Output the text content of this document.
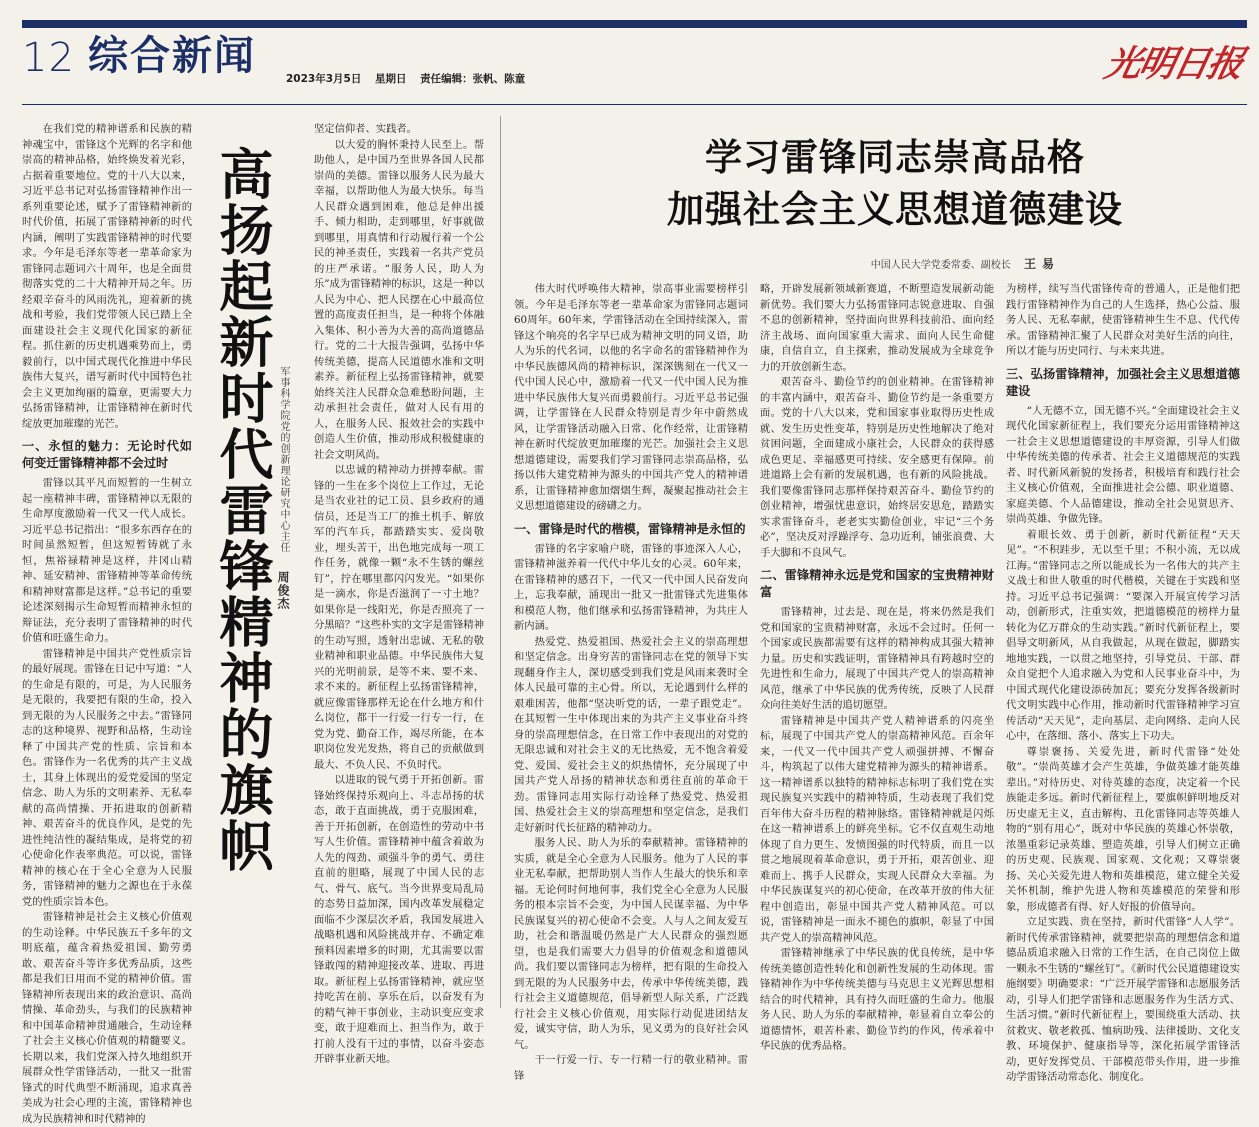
12 综合新闻	2023年3月5日 星期日 责任编辑：张帆、陈童	光明日报

在我们党的精神谱系和民族的精神魂宝中，雷锋这个光辉的名字和他崇高的精神品格，始终焕发着光彩，占据着重要地位。党的十八大以来，习近平总书记对弘扬雷锋精神作出一系列重要论述，赋予了雷锋精神新的时代价值，拓展了雷锋精神新的时代内涵，阐明了实践雷锋精神的时代要求。今年是毛泽东等老一辈革命家为雷锋同志题词六十周年，也是全面贯彻落实党的二十大精神开局之年。历经艰辛奋斗的风雨洗礼，迎着新的挑战和考验，我们党带领人民已踏上全面建设社会主义现代化国家的新征程。抓住新的历史机遇乘势而上，勇毅前行，以中国式现代化推进中华民族伟大复兴，谱写新时代中国特色社会主义更加绚丽的篇章，更需要大力弘扬雷锋精神，让雷锋精神在新时代绽放更加璀璨的光芒。

一、永恒的魅力：无论时代如何变迁雷锋精神都不会过时

雷锋以其平凡而短暂的一生树立起一座精神丰碑，雷锋精神以无限的生命厚度激励着一代又一代人成长。习近平总书记指出：“很多东西存在的时间虽然短暂，但这短暂铸就了永恒，焦裕禄精神是这样，井冈山精神、延安精神、雷锋精神等革命传统和精神财富都是这样。”总书记的重要论述深刻揭示生命短暂而精神永恒的辩证法，充分表明了雷锋精神的时代价值和旺盛生命力。

雷锋精神是中国共产党性质宗旨的最好展现。雷锋在日记中写道：“人的生命是有限的，可是，为人民服务是无限的，我要把有限的生命，投入到无限的为人民服务之中去。”雷锋同志的这种境界、视野和品格，生动诠释了中国共产党的性质、宗旨和本色。雷锋作为一名优秀的共产主义战士，其身上体现出的爱党爱国的坚定信念、助人为乐的文明素养、无私奉献的高尚情操、开拓进取的创新精神、艰苦奋斗的优良作风，是党的先进性纯洁性的凝结集成，是将党的初心使命化作表率典范。可以说，雷锋精神的核心在于全心全意为人民服务，雷锋精神的魅力之源也在于永葆党的性质宗旨本色。

雷锋精神是社会主义核心价值观的生动诠释。中华民族五千多年的文明底蕴，蕴含着热爱祖国、勤劳勇敢、艰苦奋斗等许多优秀品质，这些都是我们日用而不觉的精神价值。雷锋精神所表现出来的政治意识、高尚情操、革命劲头，与我们的民族精神和中国革命精神贯通融合，生动诠释了社会主义核心价值观的精髓要义。长期以来，我们党深入持久地组织开展群众性学雷锋活动，一批又一批雷锋式的时代典型不断涌现，追求真善美成为社会心理的主流，雷锋精神也成为民族精神和时代精神的

高扬起新时代雷锋精神的旗帜 军事科学院党的创新理论研究中心主任 周俊杰

坚定信仰者、实践者。

以大爱的胸怀秉持人民至上。帮助他人，是中国乃至世界各国人民都崇尚的美德。雷锋以服务人民为最大幸福，以帮助他人为最大快乐。每当人民群众遇到困难，他总是伸出援手、倾力相助，走到哪里，好事就做到哪里，用真情和行动履行着一个公民的神圣责任，实践着一名共产党员的庄严承诺。“服务人民，助人为乐”成为雷锋精神的标识，这是一种以人民为中心、把人民摆在心中最高位置的高度责任担当，是一种将个体融入集体、积小善为大善的高尚道德品行。党的二十大报告强调，弘扬中华传统美德，提高人民道德水准和文明素养。新征程上弘扬雷锋精神，就要始终关注人民群众急难愁盼问题，主动承担社会责任，做对人民有用的人，在服务人民、报效社会的实践中创造人生价值，推动形成积极健康的社会文明风尚。

以忠诚的精神动力拼搏奉献。雷锋的一生在多个岗位上工作过，无论是当农业社的记工员、县乡政府的通信员，还是当工厂的推土机手、解放军的汽车兵，都踏踏实实、爱岗敬业，埋头苦干，出色地完成每一项工作任务，就像一颗“永不生锈的螺丝钉”，拧在哪里都闪闪发光。“如果你是一滴水，你是否滋润了一寸土地？如果你是一线阳光，你是否照亮了一分黑暗？”这些朴实的文字是雷锋精神的生动写照，透射出忠诚、无私的敬业精神和职业品德。中华民族伟大复兴的光明前景，是等不来、要不来、求不来的。新征程上弘扬雷锋精神，就应像雷锋那样无论在什么地方和什么岗位，都干一行爱一行专一行，在党为党、勤奋工作，竭尽所能，在本职岗位发光发热，将自己的贡献做到最大、不负人民、不负时代。

以进取的锐气勇于开拓创新。雷锋始终保持乐观向上、斗志昂扬的状态，敢于直面挑战，勇于克服困难，善于开拓创新，在创造性的劳动中书写人生价值。雷锋精神中蕴含着敢为人先的闯劲、顽强斗争的勇气、勇往直前的胆略，展现了中国人民的志气、骨气、底气。当今世界变局乱局的态势日益加深，国内改革发展稳定面临不少深层次矛盾，我国发展进入战略机遇和风险挑战并存、不确定难预料因素增多的时期，尤其需要以雷锋敢闯的精神迎接改革、进取、再进取。新征程上弘扬雷锋精神，就应坚持吃苦在前、享乐在后，以奋发有为的精气神干事创业，主动识变应变求变，敢于迎难而上、担当作为，敢于打前人没有干过的事情，以奋斗姿态开辟事业新天地。

学习雷锋同志崇高品格
加强社会主义思想道德建设
中国人民大学党委常委、副校长 王易

伟大时代呼唤伟大精神，崇高事业需要榜样引领。今年是毛泽东等老一辈革命家为雷锋同志题词60周年。60年来，学雷锋活动在全国持续深入，雷锋这个响亮的名字早已成为精神文明的同义语，助人为乐的代名词，以他的名字命名的雷锋精神作为中华民族德风尚的精神标识，深深镌刻在一代又一代中国人民心中，激励着一代又一代中国人民为推进中华民族伟大复兴而勇毅前行。习近平总书记强调，让学雷锋在人民群众特别是青少年中蔚然成风，让学雷锋活动融入日常、化作经常，让雷锋精神在新时代绽放更加璀璨的光芒。加强社会主义思想道德建设，需要我们学习雷锋同志崇高品格，弘扬以伟大建党精神为源头的中国共产党人的精神谱系，让雷锋精神愈加熠熠生辉，凝聚起推动社会主义思想道德建设的磅礴之力。

一、雷锋是时代的楷模，雷锋精神是永恒的

雷锋的名字家喻户晓，雷锋的事迹深入人心，雷锋精神滋养着一代代中华儿女的心灵。60年来，在雷锋精神的感召下，一代又一代中国人民奋发向上，忘我奉献，涌现出一批又一批雷锋式先进集体和模范人物，他们继承和弘扬雷锋精神，为共庄人新内涵。

热爱党、热爱祖国、热爱社会主义的崇高理想和坚定信念。出身穷苦的雷锋同志在党的领导下实现翻身作主人，深切感受到我们党是风雨来袭时全体人民最可靠的主心骨。所以，无论遇到什么样的艰难困苦，他都“坚决听党的话，一辈子跟党走”。在其短暂一生中体现出来的为共产主义事业奋斗终身的崇高理想信念，在日常工作中表现出的对党的无限忠诚和对社会主义的无比热爱，无不饱含着爱党、爱国、爱社会主义的炽热情怀，充分展现了中国共产党人昂扬的精神状态和勇往直前的革命干劲。雷锋同志用实际行动诠释了热爱党、热爱祖国、热爱社会主义的崇高理想和坚定信念，是我们走好新时代长征路的精神动力。

服务人民、助人为乐的奉献精神。雷锋精神的实质，就是全心全意为人民服务。他为了人民的事业无私奉献，把帮助别人当作人生最大的快乐和幸福。无论何时何地何事，我们党全心全意为人民服务的根本宗旨不会变，为中国人民谋幸福、为中华民族谋复兴的初心使命不会变。人与人之间友爱互助，社会和谐温暖仍然是广大人民群众的强烈愿望，也是我们需要大力倡导的价值观念和道德风尚。我们要以雷锋同志为榜样，把有限的生命投入到无限的为人民服务中去，传承中华传统美德，践行社会主义道德规范，倡导新型人际关系，广泛践行社会主义核心价值观，用实际行动促进团结友爱，诚实守信，助人为乐，见义勇为的良好社会风气。

干一行爱一行、专一行精一行的敬业精神。雷锋

略，开辟发展新领域新赛道，不断塑造发展新动能新优势。我们要大力弘扬雷锋同志锐意进取、自强不息的创新精神，坚持面向世界科技前沿、面向经济主战场、面向国家重大需求、面向人民生命健康，自信自立，自主探索，推动发展成为全球竞争力的开放创新生态。

艰苦奋斗、勤俭节约的创业精神。在雷锋精神的丰富内涵中，艰苦奋斗、勤俭节约是一条重要方面。党的十八大以来，党和国家事业取得历史性成就、发生历史性变革，特别是历史性地解决了绝对贫困问题，全面建成小康社会，人民群众的获得感成色更足、幸福感更可持续、安全感更有保障。前进道路上会有新的发展机遇，也有新的风险挑战。我们要像雷锋同志那样保持艰苦奋斗、勤俭节约的创业精神，增强忧患意识，始终居安思危，踏踏实实求雷锋奋斗，老老实实勤俭创业，牢记“三个务必”，坚决反对浮躁浮夸、急功近利，铺张浪费、大手大脚和不良风气。

二、雷锋精神永远是党和国家的宝贵精神财富

雷锋精神，过去是、现在是，将来仍然是我们党和国家的宝贵精神财富，永远不会过时。任何一个国家或民族都需要有这样的精神构成其强大精神力量。历史和实践证明，雷锋精神具有跨越时空的先进性和生命力，展现了中国共产党人的崇高精神风范，继承了中华民族的优秀传统，反映了人民群众向往美好生活的追切愿望。

雷锋精神是中国共产党人精神谱系的闪亮坐标，展现了中国共产党人的崇高精神风范。百余年来，一代又一代中国共产党人顽强拼搏、不懈奋斗，构筑起了以伟大建党精神为源头的精神谱系。这一精神谱系以独特的精神标志标明了我们党在实现民族复兴实践中的精神特质，生动表现了我们党百年伟大奋斗历程的精神脉络。雷锋精神就是闪烁在这一精神谱系上的鲜亮坐标。它不仅直观生动地体现了自力更生、发愤图强的时代特质，而且一以贯之地展现着革命意识，勇于开拓，艰苦创业、迎难而上、携手人民群众，实现人民群众大幸福。为中华民族谋复兴的初心使命，在改革开放的伟大征程中创造出，彰显中国共产党人精神风范。可以说，雷锋精神是一面永不褪色的旗帜，彰显了中国共产党人的崇高精神风范。

雷锋精神继承了中华民族的优良传统，是中华传统美德创造性转化和创新性发展的生动体现。雷锋精神作为中华传统美德与马克思主义光辉思想相结合的时代精神，具有持久而旺盛的生命力。他服务人民、助人为乐的奉献精神，彰显着自立奉公的道德情怀，艰苦朴素、勤俭节约的作风，传承着中华民族的优秀品格。

为榜样，续写当代雷锋传奇的普通人，正是他们把践行雷锋精神作为自己的人生选择，热心公益、服务人民、无私奉献，使雷锋精神生生不息、代代传承。雷锋精神汇聚了人民群众对美好生活的向往，所以才能与历史同行、与未来共进。

三、弘扬雷锋精神，加强社会主义思想道德建设

“人无德不立，国无德不兴。”全面建设社会主义现代化国家新征程上，我们要充分运用雷锋精神这一社会主义思想道德建设的丰厚资源，引导人们做中华传统美德的传承者、社会主义道德规范的实践者、时代新风新貌的发扬者，积极培育和践行社会主义核心价值观，全面推进社会公德、职业道德、家庭美德、个人品德建设，推动全社会见贤思齐、崇尚英雄、争做先锋。

着眼长效、勇于创新，新时代新征程“天天见”。“不积跬步，无以至千里；不积小流，无以成江海。”雷锋同志之所以能成长为一名伟大的共产主义战士和世人敬重的时代楷模，关键在于实践和坚持。习近平总书记强调：“要深入开展宣传学习活动，创新形式，注重实效，把道德模范的榜样力量转化为亿万群众的生动实践。”新时代新征程上，要倡导文明新风，从自我做起，从现在做起，脚踏实地地实践，一以贯之地坚持，引导党员、干部、群众自觉把个人追求融入为党和人民事业奋斗中，为中国式现代化建设添砖加瓦；要充分发挥各级新时代文明实践中心作用，推动新时代雷锋精神学习宣传活动“天天见”，走向基层、走向网络、走向人民心中，在落细、落小、落实上下功夫。

尊崇褒扬、关爱先进，新时代雷锋“处处敬”。“崇尚英雄才会产生英雄，争做英雄才能英雄辈出。”对待历史、对待英雄的态度，决定着一个民族能走多远。新时代新征程上，要旗帜鲜明地反对历史虚无主义，直击解构、丑化雷锋同志等英雄人物的“别有用心”，既对中华民族的英雄心怀崇敬，浓墨重彩记录英雄、塑造英雄，引导人们树立正确的历史观、民族观、国家观、文化观；又尊崇褒扬、关心关爱先进人物和英雄模范，建立健全关爱关怀机制，维护先进人物和英雄模范的荣誉和形象，形成德者有得、好人好报的价值导向。

立足实践、贵在坚持，新时代雷锋“人人学”。新时代传承雷锋精神，就要把崇高的理想信念和道德品质追求融入日常的工作生活，在自己岗位上做一颗永不生锈的“螺丝钉”。《新时代公民道德建设实施纲要》明确要求：“广泛开展学雷锋和志愿服务活动，引导人们把学雷锋和志愿服务作为生活方式、生活习惯。”新时代新征程上，要围绕重大活动、扶贫救灾、敬老救孤、恤病助残、法律援助、文化支教、环境保护、健康指导等，深化拓展学雷锋活动，更好发挥党员、干部模范带头作用，进一步推动学雷锋活动常态化、制度化。
